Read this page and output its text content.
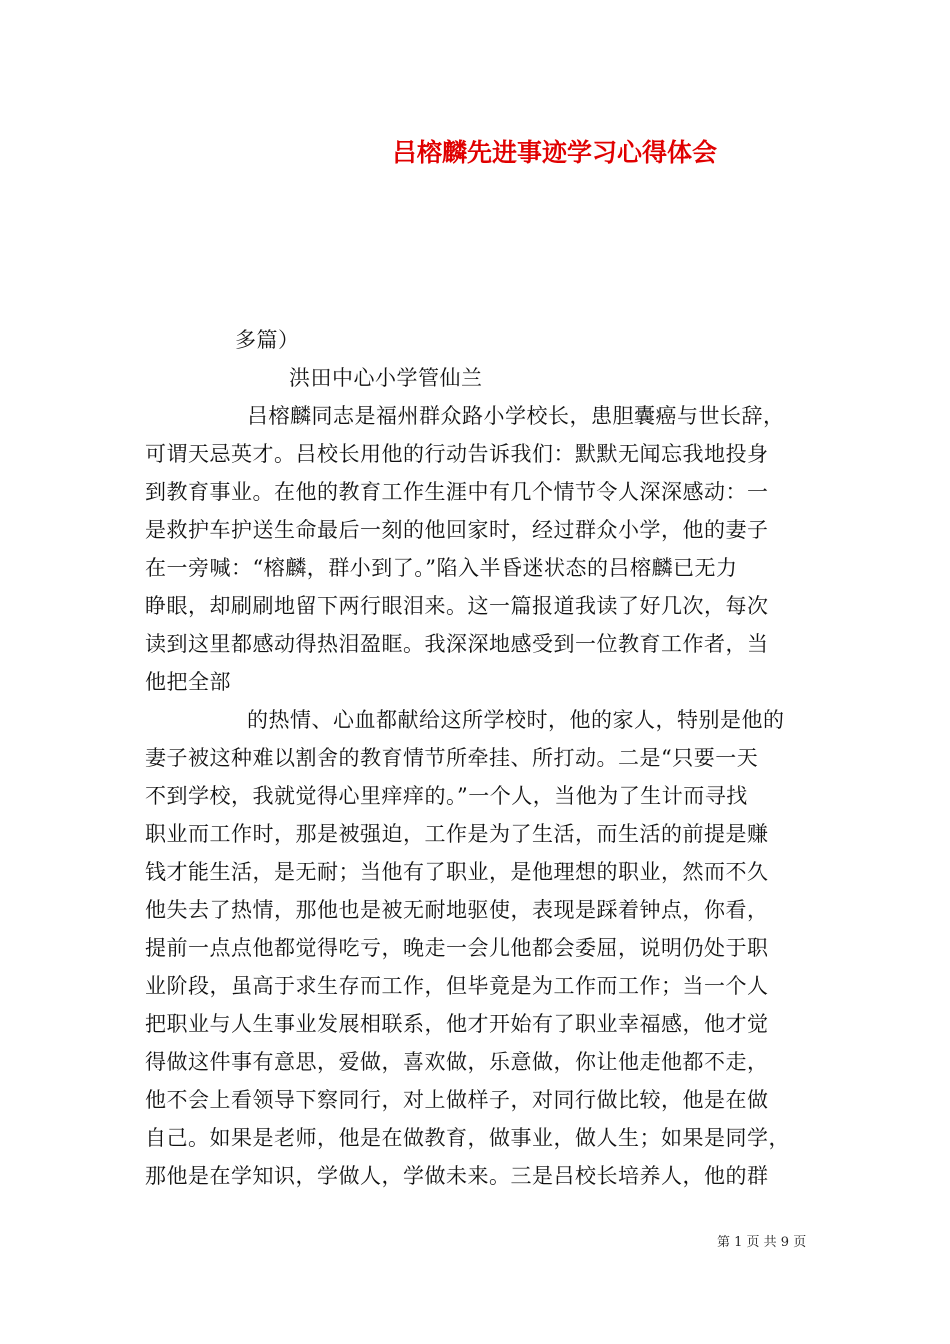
吕榕麟先进事迹学习心得体会
多篇）
洪田中心小学管仙兰
吕榕麟同志是福州群众路小学校长，患胆囊癌与世长辞，
可谓天忌英才。吕校长用他的行动告诉我们：默默无闻忘我地投身
到教育事业。在他的教育工作生涯中有几个情节令人深深感动：一
是救护车护送生命最后一刻的他回家时，经过群众小学，他的妻子
在一旁喊：“榕麟，群小到了。”陷入半昏迷状态的吕榕麟已无力
睁眼，却刷刷地留下两行眼泪来。这一篇报道我读了好几次，每次
读到这里都感动得热泪盈眶。我深深地感受到一位教育工作者，当
他把全部
的热情、心血都献给这所学校时，他的家人，特别是他的
妻子被这种难以割舍的教育情节所牵挂、所打动。二是“只要一天
不到学校，我就觉得心里痒痒的。”一个人，当他为了生计而寻找
职业而工作时，那是被强迫，工作是为了生活，而生活的前提是赚
钱才能生活，是无耐；当他有了职业，是他理想的职业，然而不久
他失去了热情，那他也是被无耐地驱使，表现是踩着钟点，你看，
提前一点点他都觉得吃亏，晚走一会儿他都会委屈，说明仍处于职
业阶段，虽高于求生存而工作，但毕竟是为工作而工作；当一个人
把职业与人生事业发展相联系，他才开始有了职业幸福感，他才觉
得做这件事有意思，爱做，喜欢做，乐意做，你让他走他都不走，
他不会上看领导下察同行，对上做样子，对同行做比较，他是在做
自己。如果是老师，他是在做教育，做事业，做人生；如果是同学，
那他是在学知识，学做人，学做未来。三是吕校长培养人，他的群
第 1 页 共 9 页
